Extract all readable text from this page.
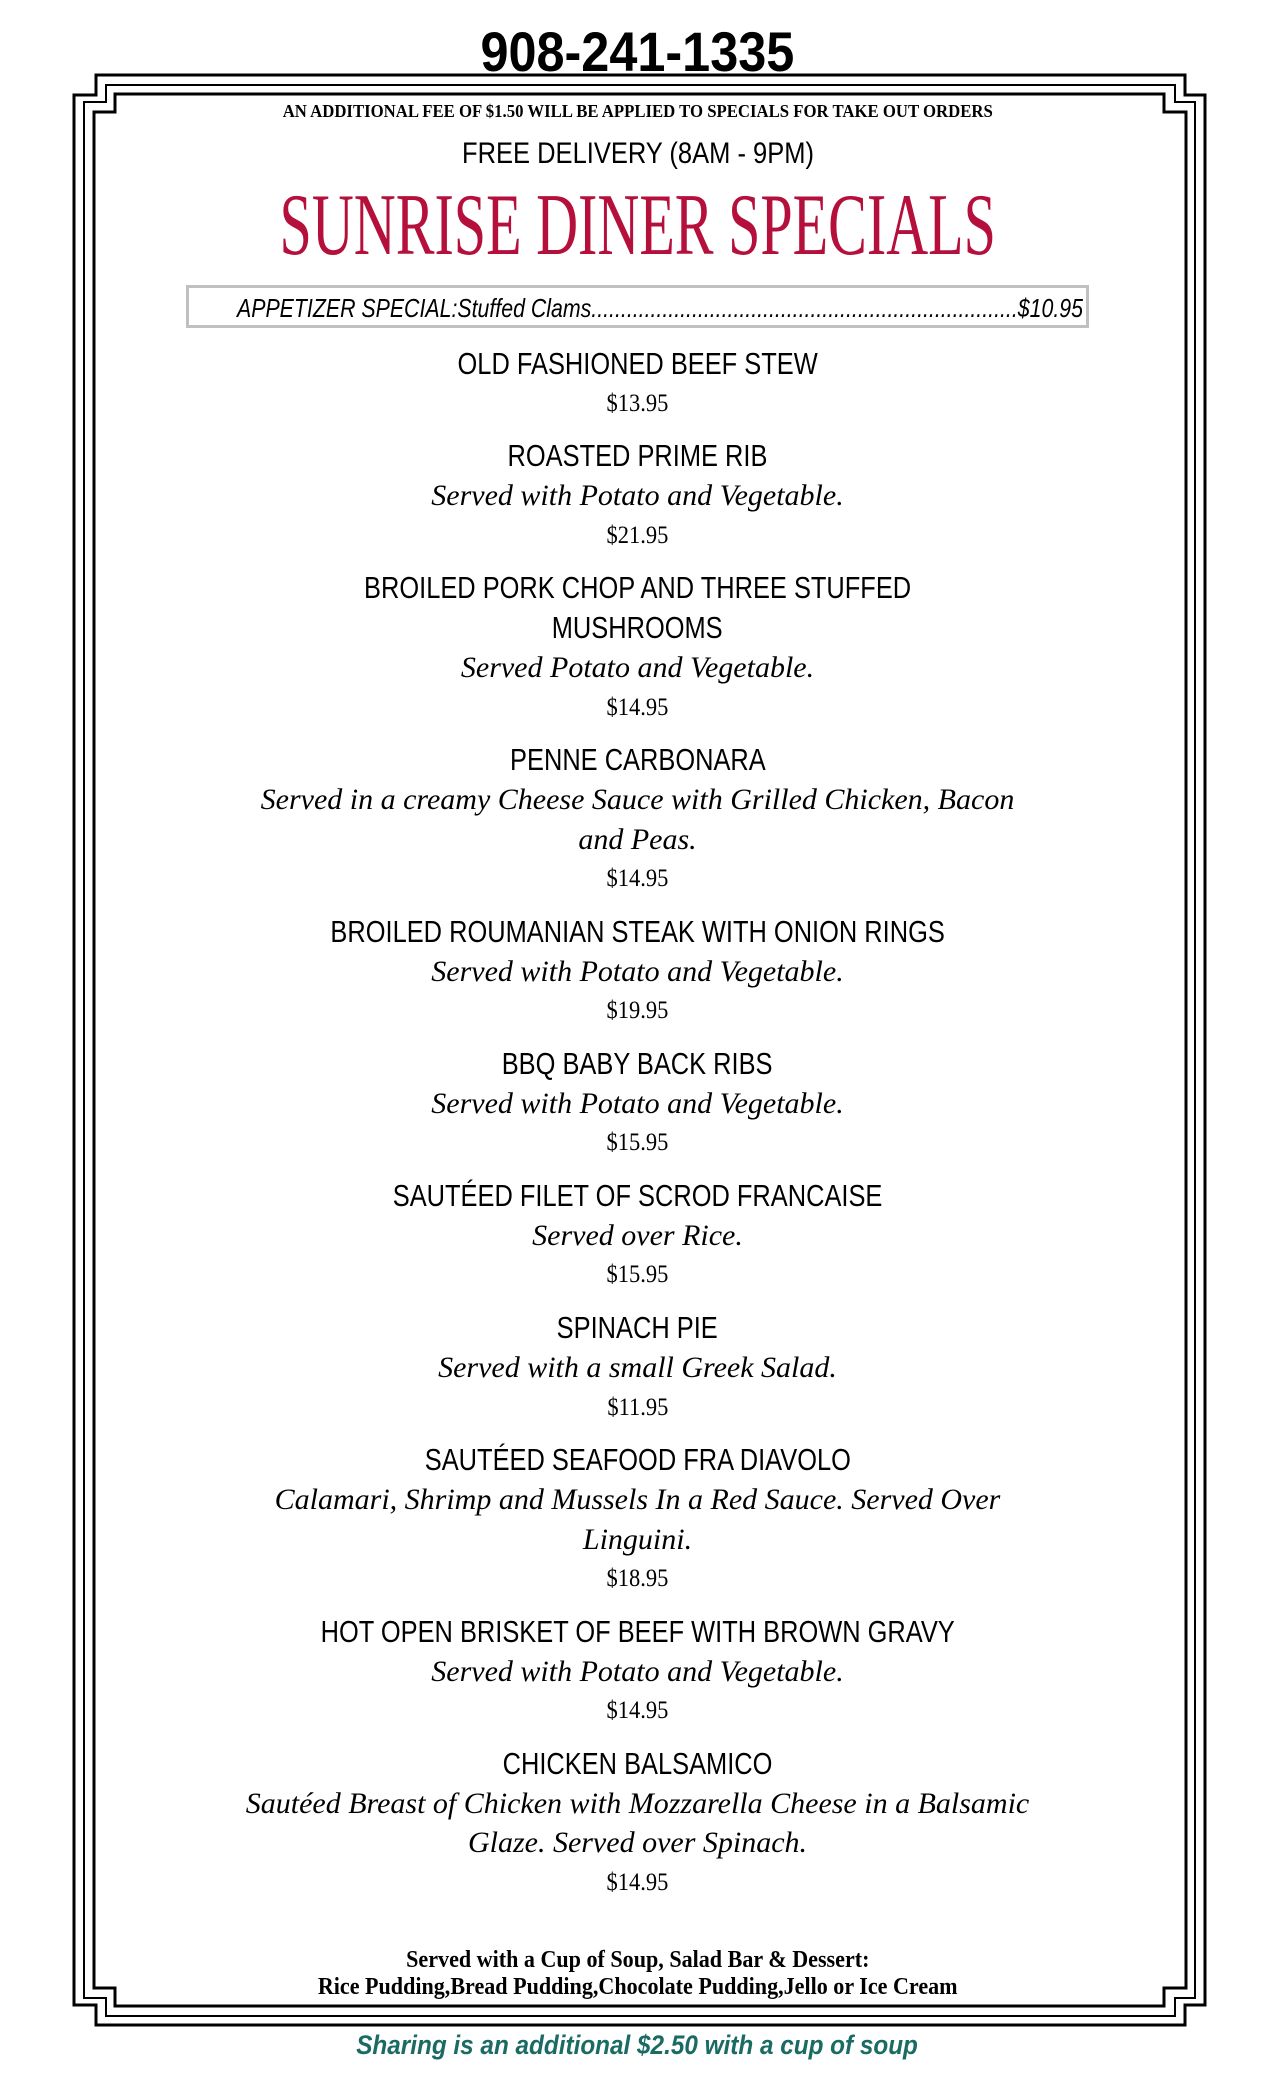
908-241-1335
AN ADDITIONAL FEE OF $1.50 WILL BE APPLIED TO SPECIALS FOR TAKE OUT ORDERS
FREE DELIVERY (8AM - 9PM)
SUNRISE DINER SPECIALS
APPETIZER SPECIAL:Stuffed Clams........................................................................$10.95
OLD FASHIONED BEEF STEW
$13.95
ROASTED PRIME RIB
Served with Potato and Vegetable.
$21.95
BROILED PORK CHOP AND THREE STUFFED
MUSHROOMS
Served Potato and Vegetable.
$14.95
PENNE CARBONARA
Served in a creamy Cheese Sauce with Grilled Chicken, Bacon
and Peas.
$14.95
BROILED ROUMANIAN STEAK WITH ONION RINGS
Served with Potato and Vegetable.
$19.95
BBQ BABY BACK RIBS
Served with Potato and Vegetable.
$15.95
SAUTÉED FILET OF SCROD FRANCAISE
Served over Rice.
$15.95
SPINACH PIE
Served with a small Greek Salad.
$11.95
SAUTÉED SEAFOOD FRA DIAVOLO
Calamari, Shrimp and Mussels In a Red Sauce. Served Over
Linguini.
$18.95
HOT OPEN BRISKET OF BEEF WITH BROWN GRAVY
Served with Potato and Vegetable.
$14.95
CHICKEN BALSAMICO
Sautéed Breast of Chicken with Mozzarella Cheese in a Balsamic
Glaze. Served over Spinach.
$14.95
Served with a Cup of Soup, Salad Bar & Dessert:
Rice Pudding,Bread Pudding,Chocolate Pudding,Jello or Ice Cream
Sharing is an additional $2.50 with a cup of soup
